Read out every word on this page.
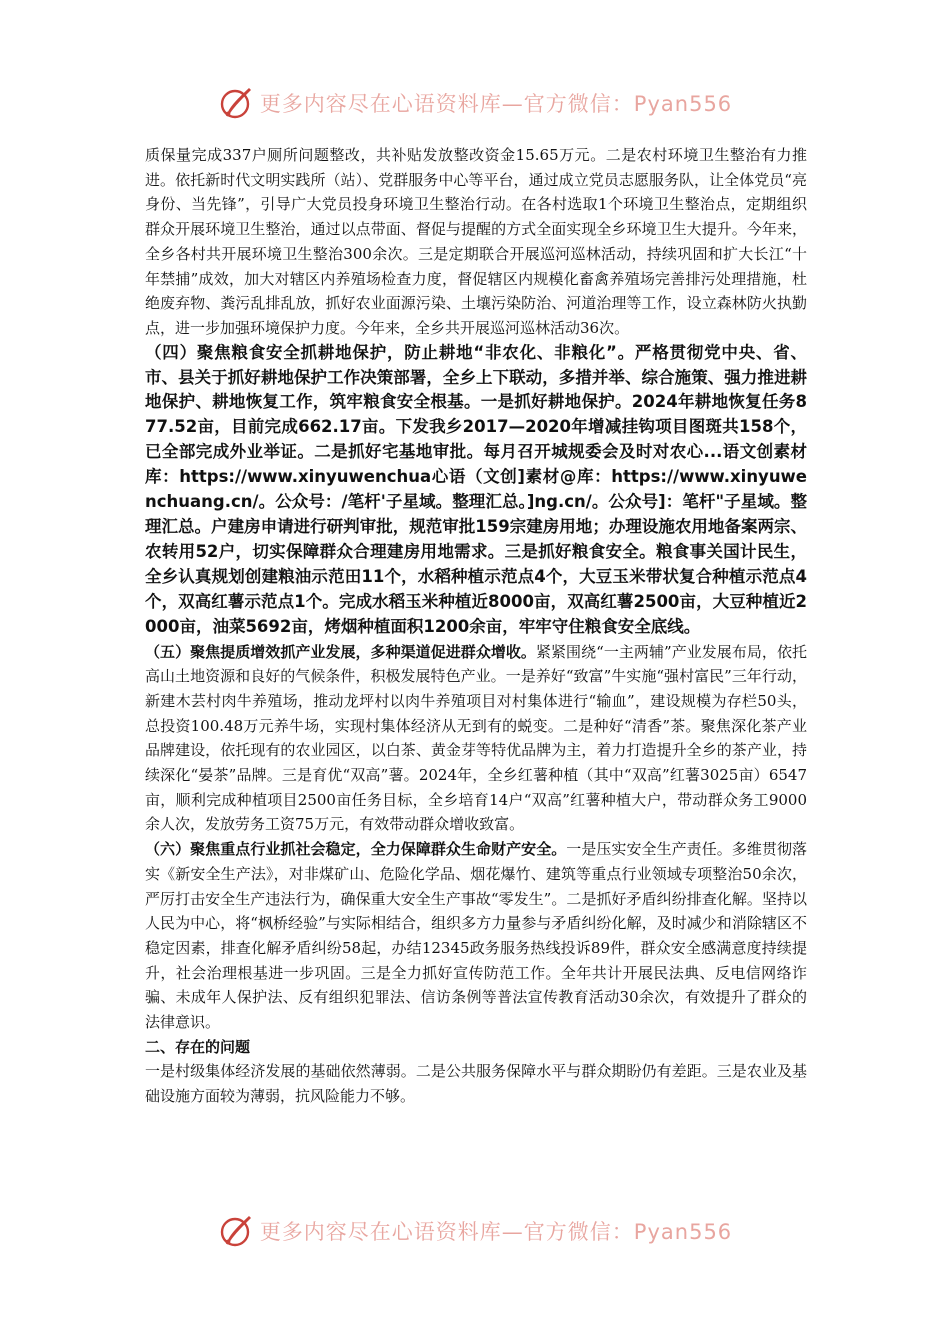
更多内容尽在心语资料库—官方微信：Pyan556

质保量完成337户厕所问题整改，共补贴发放整改资金15.65万元。二是农村环境卫生整治有力推进。依托新时代文明实践所（站）、党群服务中心等平台，通过成立党员志愿服务队，让全体党员“亮身份、当先锋”，引导广大党员投身环境卫生整治行动。在各村选取1个环境卫生整治点，定期组织群众开展环境卫生整治，通过以点带面、督促与提醒的方式全面实现全乡环境卫生大提升。今年来，全乡各村共开展环境卫生整治300余次。三是定期联合开展巡河巡林活动，持续巩固和扩大长江“十年禁捕”成效，加大对辖区内养殖场检查力度，督促辖区内规模化畜禽养殖场完善排污处理措施，杜绝废弃物、粪污乱排乱放，抓好农业面源污染、土壤污染防治、河道治理等工作，设立森林防火执勤点，进一步加强环境保护力度。今年来，全乡共开展巡河巡林活动36次。

（四）聚焦粮食安全抓耕地保护，防止耕地“非农化、非粮化”。严格贯彻党中央、省、市、县关于抓好耕地保护工作决策部署，全乡上下联动，多措并举、综合施策、强力推进耕地保护、耕地恢复工作，筑牢粮食安全根基。一是抓好耕地保护。2024年耕地恢复任务877.52亩，目前完成662.17亩。下发我乡2017—2020年增减挂钩项目图斑共158个，已全部完成外业举证。二是抓好宅基地审批。每月召开城规委会及时对农心...语文创素材库：https://www.xinyuwenchua心语（文创]素材@库：https://www.xinyuwenchuang.cn/。公众号：/笔杆'子星域。整理汇总。]ng.cn/。公众号]：笔杆"子星域。整理汇总。户建房申请进行研判审批，规范审批159宗建房用地；办理设施农用地备案两宗、农转用52户，切实保障群众合理建房用地需求。三是抓好粮食安全。粮食事关国计民生，全乡认真规划创建粮油示范田11个，水稻种植示范点4个，大豆玉米带状复合种植示范点4个，双高红薯示范点1个。完成水稻玉米种植近8000亩，双高红薯2500亩，大豆种植近2000亩，油菜5692亩，烤烟种植面积1200余亩，牢牢守住粮食安全底线。

（五）聚焦提质增效抓产业发展，多种渠道促进群众增收。紧紧围绕“一主两辅”产业发展布局，依托高山土地资源和良好的气候条件，积极发展特色产业。一是养好“致富”牛实施“强村富民”三年行动，新建木芸村肉牛养殖场，推动龙坪村以肉牛养殖项目对村集体进行“输血”，建设规模为存栏50头，总投资100.48万元养牛场，实现村集体经济从无到有的蜕变。二是种好“清香”茶。聚焦深化茶产业品牌建设，依托现有的农业园区，以白茶、黄金芽等特优品牌为主，着力打造提升全乡的茶产业，持续深化“晏茶”品牌。三是育优“双高”薯。2024年，全乡红薯种植（其中“双高”红薯3025亩）6547亩，顺利完成种植项目2500亩任务目标，全乡培育14户“双高”红薯种植大户，带动群众务工9000余人次，发放劳务工资75万元，有效带动群众增收致富。

（六）聚焦重点行业抓社会稳定，全力保障群众生命财产安全。一是压实安全生产责任。多维贯彻落实《新安全生产法》，对非煤矿山、危险化学品、烟花爆竹、建筑等重点行业领域专项整治50余次，严厉打击安全生产违法行为，确保重大安全生产事故“零发生”。二是抓好矛盾纠纷排查化解。坚持以人民为中心，将“枫桥经验”与实际相结合，组织多方力量参与矛盾纠纷化解，及时减少和消除辖区不稳定因素，排查化解矛盾纠纷58起，办结12345政务服务热线投诉89件，群众安全感满意度持续提升，社会治理根基进一步巩固。三是全力抓好宣传防范工作。全年共计开展民法典、反电信网络诈骗、未成年人保护法、反有组织犯罪法、信访条例等普法宣传教育活动30余次，有效提升了群众的法律意识。

二、存在的问题

一是村级集体经济发展的基础依然薄弱。二是公共服务保障水平与群众期盼仍有差距。三是农业及基础设施方面较为薄弱，抗风险能力不够。

更多内容尽在心语资料库—官方微信：Pyan556
